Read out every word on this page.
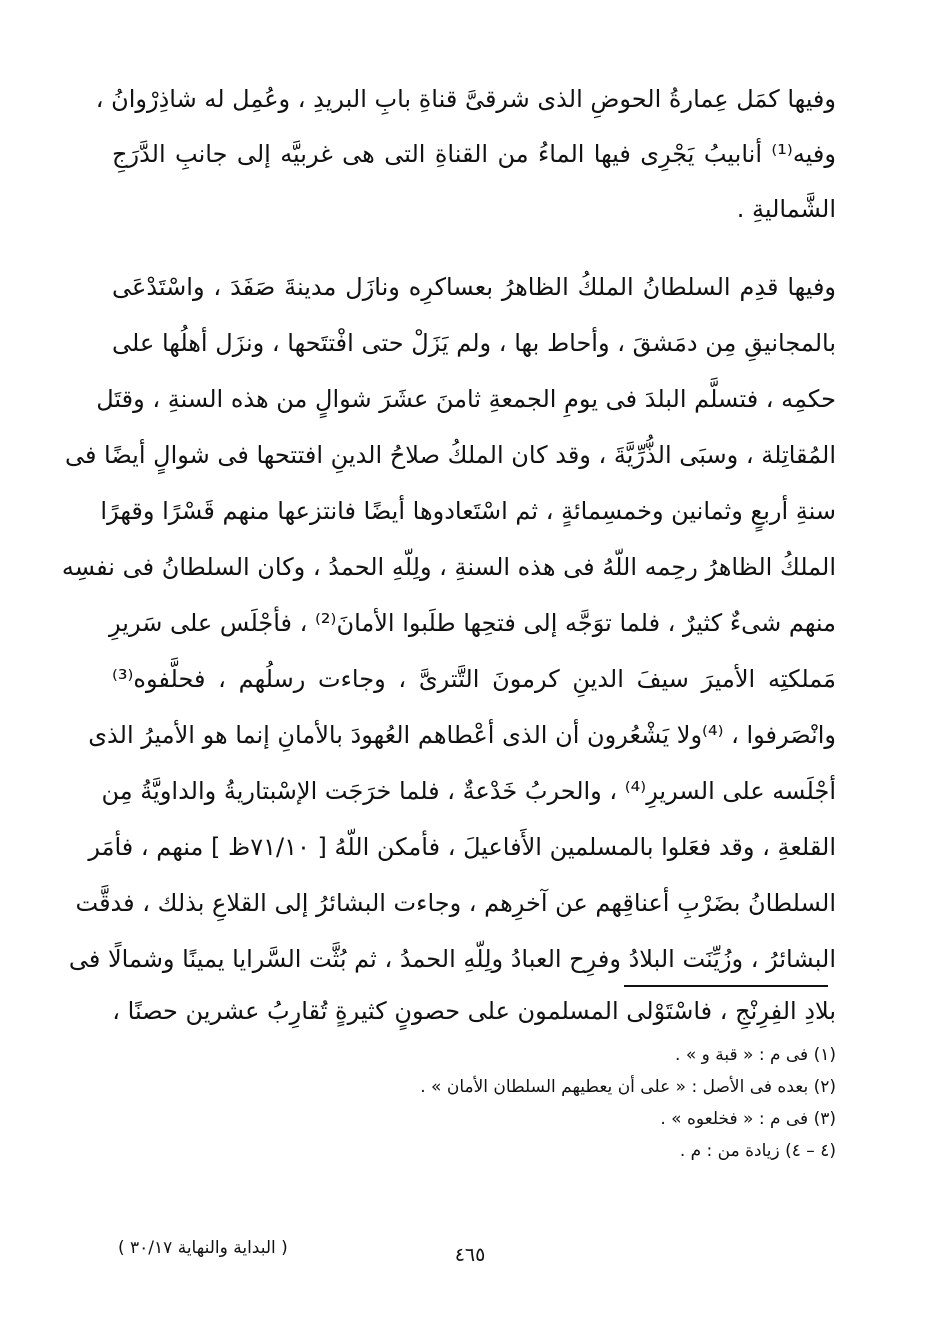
وفيها كمَل عِمارةُ الحوضِ الذى شرقىَّ قناةِ بابِ البريدِ ، وعُمِل له شاذِرْوانُ ،
وفيه⁽¹⁾ أنابيبُ يَجْرِى فيها الماءُ من القناةِ التى هى غربيَّه إلى جانبِ الدَّرَجِ
الشَّماليةِ .
وفيها قدِم السلطانُ الملكُ الظاهرُ بعساكرِه ونازَل مدينةَ صَفَدَ ، واسْتَدْعَى
بالمجانيقِ مِن دمَشقَ ، وأحاط بها ، ولم يَزَلْ حتى افْتتَحها ، ونزَل أهلُها على
حكمِه ، فتسلَّم البلدَ فى يومِ الجمعةِ ثامنَ عشَرَ شوالٍ من هذه السنةِ ، وقتَل
المُقاتِلة ، وسبَى الذُّرِّيَّةَ ، وقد كان الملكُ صلاحُ الدينِ افتتحها فى شوالٍ أيضًا فى
سنةِ أربعٍ وثمانين وخمسِمائةٍ ، ثم اسْتَعادوها أيضًا فانتزعها منهم قَسْرًا وقهرًا
الملكُ الظاهرُ رحِمه اللّهُ فى هذه السنةِ ، ولِلّهِ الحمدُ ، وكان السلطانُ فى نفسِه
منهم شىءٌ كثيرٌ ، فلما توَجَّه إلى فتحِها طلَبوا الأمانَ⁽²⁾ ، فأجْلَس على سَريرِ
مَملكتِه الأميرَ سيفَ الدينِ كرمونَ التَّترىَّ ، وجاءت رسلُهم ، فحلَّفوه⁽³⁾
وانْصَرفوا ، ⁽⁴⁾ولا يَشْعُرون أن الذى أعْطاهم العُهودَ بالأمانِ إنما هو الأميرُ الذى
أجْلَسه على السريرِ⁽⁴⁾ ، والحربُ خَدْعةٌ ، فلما خرَجَت الإسْبتاريةُ والداويَّةُ مِن
القلعةِ ، وقد فعَلوا بالمسلمين الأَفاعيلَ ، فأمكن اللّهُ [ ٧١/١٠ظ ] منهم ، فأمَر
السلطانُ بضَرْبِ أعناقِهم عن آخرِهم ، وجاءت البشائرُ إلى القلاعِ بذلك ، فدقَّت
البشائرُ ، وزُيِّنَت البلادُ وفرِح العبادُ ولِلّهِ الحمدُ ، ثم بُثَّت السَّرايا يمينًا وشمالًا فى
بلادِ الفِرِنْجِ ، فاسْتَوْلى المسلمون على حصونٍ كثيرةٍ تُقارِبُ عشرين حصنًا ،
(١) فى م : « قبة و » .
(٢) بعده فى الأصل : « على أن يعطيهم السلطان الأمان » .
(٣) فى م : « فخلعوه » .
(٤ – ٤) زيادة من : م .
( البداية والنهاية ٣٠/١٧ )	٤٦٥
